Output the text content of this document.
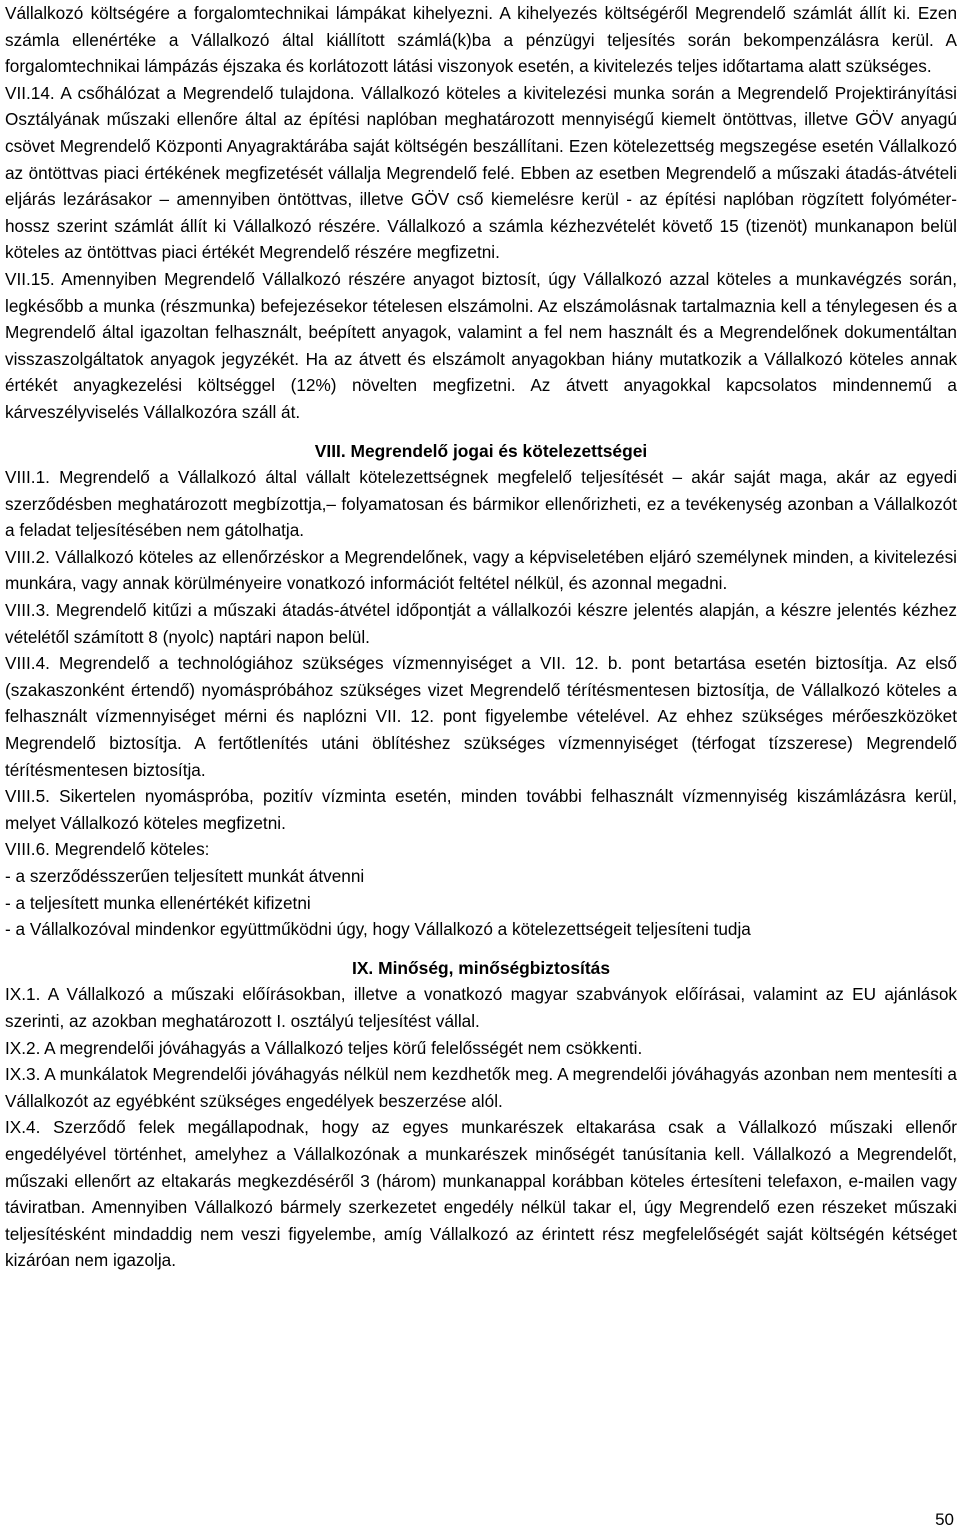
Vállalkozó költségére a forgalomtechnikai lámpákat kihelyezni. A kihelyezés költségéről Megrendelő számlát állít ki. Ezen számla ellenértéke a Vállalkozó által kiállított számlá(k)ba a pénzügyi teljesítés során bekompenzálásra kerül. A forgalomtechnikai lámpázás éjszaka és korlátozott látási viszonyok esetén, a kivitelezés teljes időtartama alatt szükséges.

VII.14. A csőhálózat a Megrendelő tulajdona. Vállalkozó köteles a kivitelezési munka során a Megrendelő Projektirányítási Osztályának műszaki ellenőre által az építési naplóban meghatározott mennyiségű kiemelt öntöttvas, illetve GÖV anyagú csövet Megrendelő Központi Anyagraktárába saját költségén beszállítani. Ezen kötelezettség megszegése esetén Vállalkozó az öntöttvas piaci értékének megfizetését vállalja Megrendelő felé. Ebben az esetben Megrendelő a műszaki átadás-átvételi eljárás lezárásakor – amennyiben öntöttvas, illetve GÖV cső kiemelésre kerül - az építési naplóban rögzített folyóméter-hossz szerint számlát állít ki Vállalkozó részére. Vállalkozó a számla kézhezvételét követő 15 (tizenöt) munkanapon belül köteles az öntöttvas piaci értékét Megrendelő részére megfizetni.

VII.15. Amennyiben Megrendelő Vállalkozó részére anyagot biztosít, úgy Vállalkozó azzal köteles a munkavégzés során, legkésőbb a munka (részmunka) befejezésekor tételesen elszámolni. Az elszámolásnak tartalmaznia kell a ténylegesen és a Megrendelő által igazoltan felhasznált, beépített anyagok, valamint a fel nem használt és a Megrendelőnek dokumentáltan visszaszolgáltatok anyagok jegyzékét. Ha az átvett és elszámolt anyagokban hiány mutatkozik a Vállalkozó köteles annak értékét anyagkezelési költséggel (12%) növelten megfizetni. Az átvett anyagokkal kapcsolatos mindennemű a kárveszélyviselés Vállalkozóra száll át.

VIII. Megrendelő jogai és kötelezettségei

VIII.1. Megrendelő a Vállalkozó által vállalt kötelezettségnek megfelelő teljesítését – akár saját maga, akár az egyedi szerződésben meghatározott megbízottja,– folyamatosan és bármikor ellenőrizheti, ez a tevékenység azonban a Vállalkozót a feladat teljesítésében nem gátolhatja.

VIII.2. Vállalkozó köteles az ellenőrzéskor a Megrendelőnek, vagy a képviseletében eljáró személynek minden, a kivitelezési munkára, vagy annak körülményeire vonatkozó információt feltétel nélkül, és azonnal megadni.

VIII.3. Megrendelő kitűzi a műszaki átadás-átvétel időpontját a vállalkozói készre jelentés alapján, a készre jelentés kézhez vételétől számított 8 (nyolc) naptári napon belül.

VIII.4. Megrendelő a technológiához szükséges vízmennyiséget a VII. 12. b. pont betartása esetén biztosítja. Az első (szakaszonként értendő) nyomáspróbához szükséges vizet Megrendelő térítésmentesen biztosítja, de Vállalkozó köteles a felhasznált vízmennyiséget mérni és naplózni VII. 12. pont figyelembe vételével. Az ehhez szükséges mérőeszközöket Megrendelő biztosítja. A fertőtlenítés utáni öblítéshez szükséges vízmennyiséget (térfogat tízszerese) Megrendelő térítésmentesen biztosítja.

VIII.5. Sikertelen nyomáspróba, pozitív vízminta esetén, minden további felhasznált vízmennyiség kiszámlázásra kerül, melyet Vállalkozó köteles megfizetni.

VIII.6. Megrendelő köteles:

- a szerződésszerűen teljesített munkát átvenni

- a teljesített munka ellenértékét kifizetni

- a Vállalkozóval mindenkor együttműködni úgy, hogy Vállalkozó a kötelezettségeit teljesíteni tudja

IX. Minőség, minőségbiztosítás

IX.1. A Vállalkozó a műszaki előírásokban, illetve a vonatkozó magyar szabványok előírásai, valamint az EU ajánlások szerinti, az azokban meghatározott I. osztályú teljesítést vállal.

IX.2. A megrendelői jóváhagyás a Vállalkozó teljes körű felelősségét nem csökkenti.

IX.3. A munkálatok Megrendelői jóváhagyás nélkül nem kezdhetők meg. A megrendelői jóváhagyás azonban nem mentesíti a Vállalkozót az egyébként szükséges engedélyek beszerzése alól.

IX.4. Szerződő felek megállapodnak, hogy az egyes munkarészek eltakarása csak a Vállalkozó műszaki ellenőr engedélyével történhet, amelyhez a Vállalkozónak a munkarészek minőségét tanúsítania kell. Vállalkozó a Megrendelőt, műszaki ellenőrt az eltakarás megkezdéséről 3 (három) munkanappal korábban köteles értesíteni telefaxon, e-mailen vagy táviratban. Amennyiben Vállalkozó bármely szerkezetet engedély nélkül takar el, úgy Megrendelő ezen részeket műszaki teljesítésként mindaddig nem veszi figyelembe, amíg Vállalkozó az érintett rész megfelelőségét saját költségén kétséget kizáróan nem igazolja.

50
